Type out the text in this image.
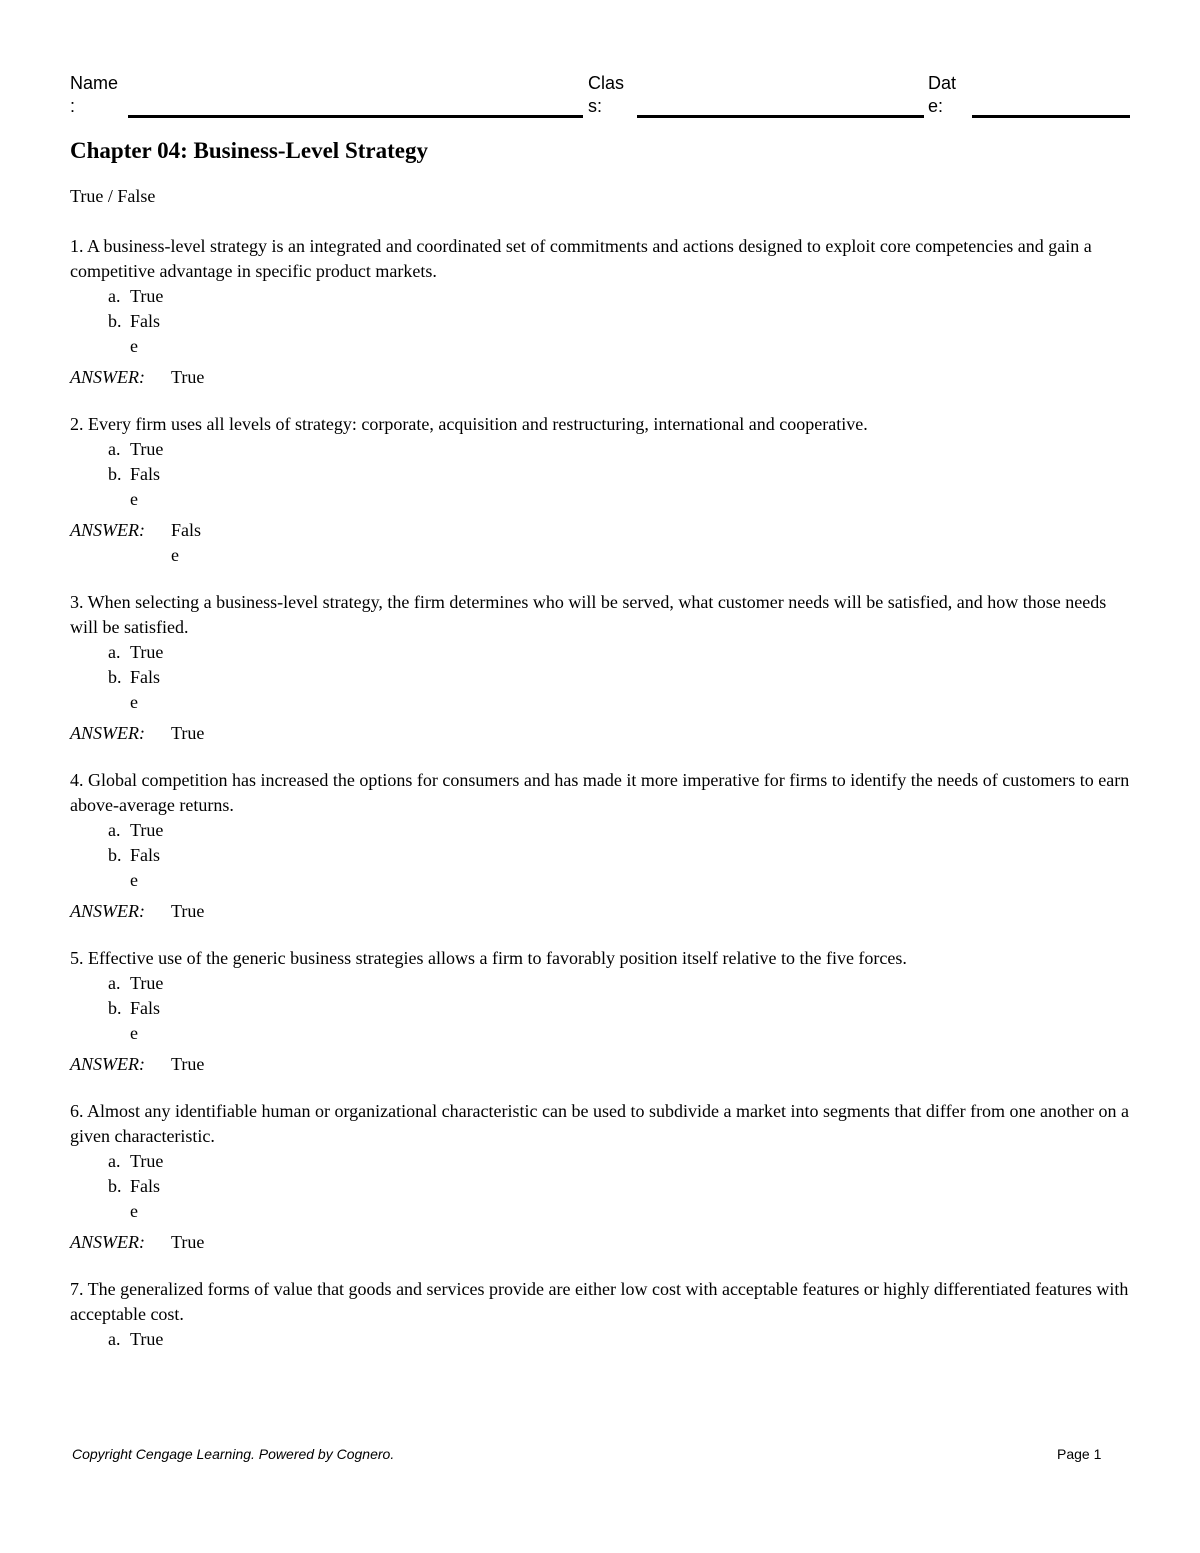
Name
:
Clas
s:
Dat
e:
Chapter 04: Business-Level Strategy
True / False
1. A business-level strategy is an integrated and coordinated set of commitments and actions designed to exploit core competencies and gain a competitive advantage in specific product markets.
a. True
b. False
ANSWER:	True
2. Every firm uses all levels of strategy: corporate, acquisition and restructuring, international and cooperative.
a. True
b. False
ANSWER:	False
3. When selecting a business-level strategy, the firm determines who will be served, what customer needs will be satisfied, and how those needs will be satisfied.
a. True
b. False
ANSWER:	True
4. Global competition has increased the options for consumers and has made it more imperative for firms to identify the needs of customers to earn above-average returns.
a. True
b. False
ANSWER:	True
5. Effective use of the generic business strategies allows a firm to favorably position itself relative to the five forces.
a. True
b. False
ANSWER:	True
6. Almost any identifiable human or organizational characteristic can be used to subdivide a market into segments that differ from one another on a given characteristic.
a. True
b. False
ANSWER:	True
7. The generalized forms of value that goods and services provide are either low cost with acceptable features or highly differentiated features with acceptable cost.
a. True
Copyright Cengage Learning. Powered by Cognero.	Page 1
